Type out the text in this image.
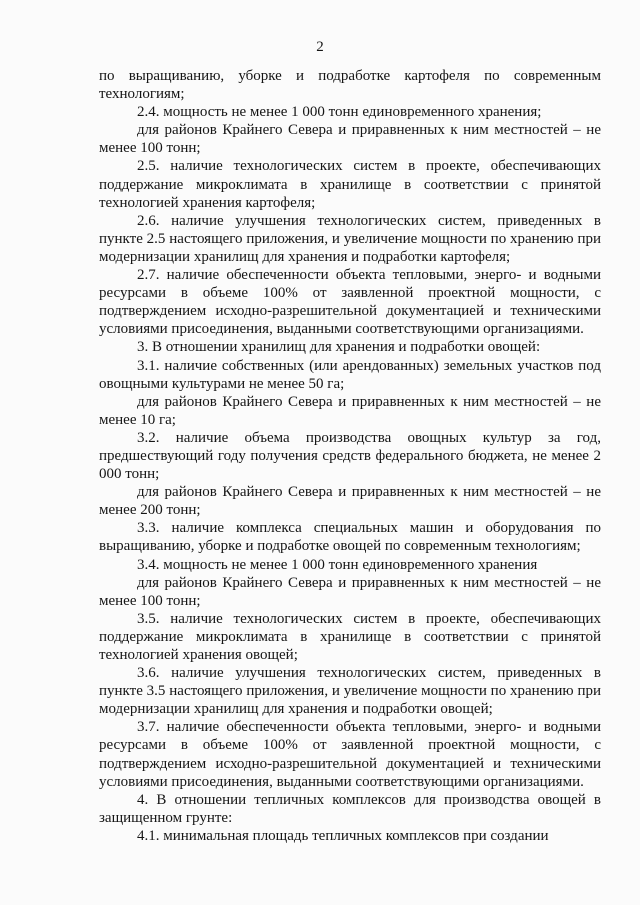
2

по выращиванию, уборке и подработке картофеля по современным технологиям;

2.4. мощность не менее 1 000 тонн единовременного хранения;

для районов Крайнего Севера и приравненных к ним местностей – не менее 100 тонн;

2.5. наличие технологических систем в проекте, обеспечивающих поддержание микроклимата в хранилище в соответствии с принятой технологией хранения картофеля;

2.6. наличие улучшения технологических систем, приведенных в пункте 2.5 настоящего приложения, и увеличение мощности по хранению при модернизации хранилищ для хранения и подработки картофеля;

2.7. наличие обеспеченности объекта тепловыми, энерго- и водными ресурсами в объеме 100% от заявленной проектной мощности, с подтверждением исходно-разрешительной документацией и техническими условиями присоединения, выданными соответствующими организациями.

3. В отношении хранилищ для хранения и подработки овощей:

3.1. наличие собственных (или арендованных) земельных участков под овощными культурами не менее 50 га;

для районов Крайнего Севера и приравненных к ним местностей – не менее 10 га;

3.2. наличие объема производства овощных культур за год, предшествующий году получения средств федерального бюджета, не менее 2 000 тонн;

для районов Крайнего Севера и приравненных к ним местностей – не менее 200 тонн;

3.3. наличие комплекса специальных машин и оборудования по выращиванию, уборке и подработке овощей по современным технологиям;

3.4. мощность не менее 1 000 тонн единовременного хранения

для районов Крайнего Севера и приравненных к ним местностей – не менее 100 тонн;

3.5. наличие технологических систем в проекте, обеспечивающих поддержание микроклимата в хранилище в соответствии с принятой технологией хранения овощей;

3.6. наличие улучшения технологических систем, приведенных в пункте 3.5 настоящего приложения, и увеличение мощности по хранению при модернизации хранилищ для хранения и подработки овощей;

3.7. наличие обеспеченности объекта тепловыми, энерго- и водными ресурсами в объеме 100% от заявленной проектной мощности, с подтверждением исходно-разрешительной документацией и техническими условиями присоединения, выданными соответствующими организациями.

4. В отношении тепличных комплексов для производства овощей в защищенном грунте:

4.1. минимальная площадь тепличных комплексов при создании
